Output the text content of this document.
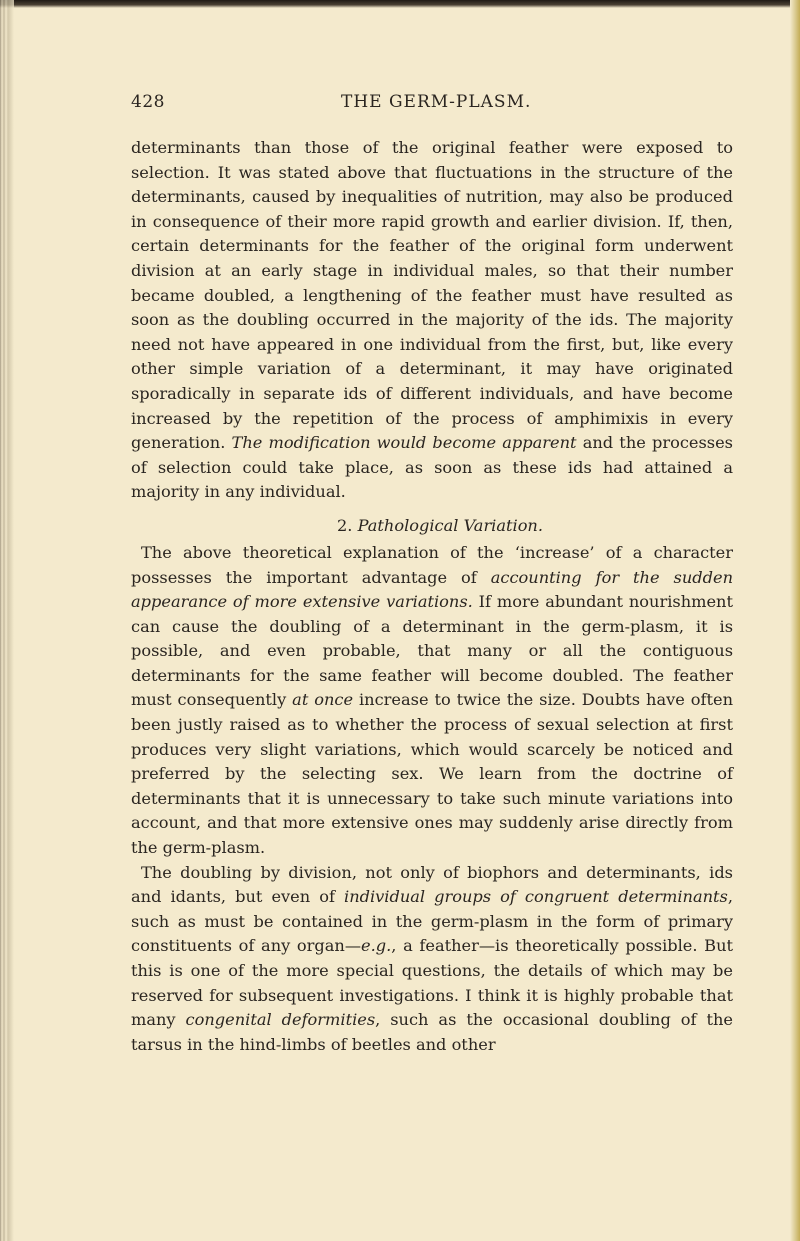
428	THE GERM-PLASM.

determinants than those of the original feather were exposed to selection. It was stated above that fluctuations in the structure of the determinants, caused by inequalities of nutrition, may also be produced in consequence of their more rapid growth and earlier division. If, then, certain determinants for the feather of the original form underwent division at an early stage in individual males, so that their number became doubled, a lengthening of the feather must have resulted as soon as the doubling occurred in the majority of the ids. The majority need not have appeared in one individual from the first, but, like every other simple variation of a determinant, it may have originated sporadically in separate ids of different individuals, and have become increased by the repetition of the process of amphimixis in every generation. The modification would become apparent and the processes of selection could take place, as soon as these ids had attained a majority in any individual.

2. Pathological Variation.

The above theoretical explanation of the ‘increase’ of a character possesses the important advantage of accounting for the sudden appearance of more extensive variations. If more abundant nourishment can cause the doubling of a determinant in the germ-plasm, it is possible, and even probable, that many or all the contiguous determinants for the same feather will become doubled. The feather must consequently at once increase to twice the size. Doubts have often been justly raised as to whether the process of sexual selection at first produces very slight variations, which would scarcely be noticed and preferred by the selecting sex. We learn from the doctrine of determinants that it is unnecessary to take such minute variations into account, and that more extensive ones may suddenly arise directly from the germ-plasm.

The doubling by division, not only of biophors and determinants, ids and idants, but even of individual groups of congruent determinants, such as must be contained in the germ-plasm in the form of primary constituents of any organ—e.g., a feather—is theoretically possible. But this is one of the more special questions, the details of which may be reserved for subsequent investigations. I think it is highly probable that many congenital deformities, such as the occasional doubling of the tarsus in the hind-limbs of beetles and other
